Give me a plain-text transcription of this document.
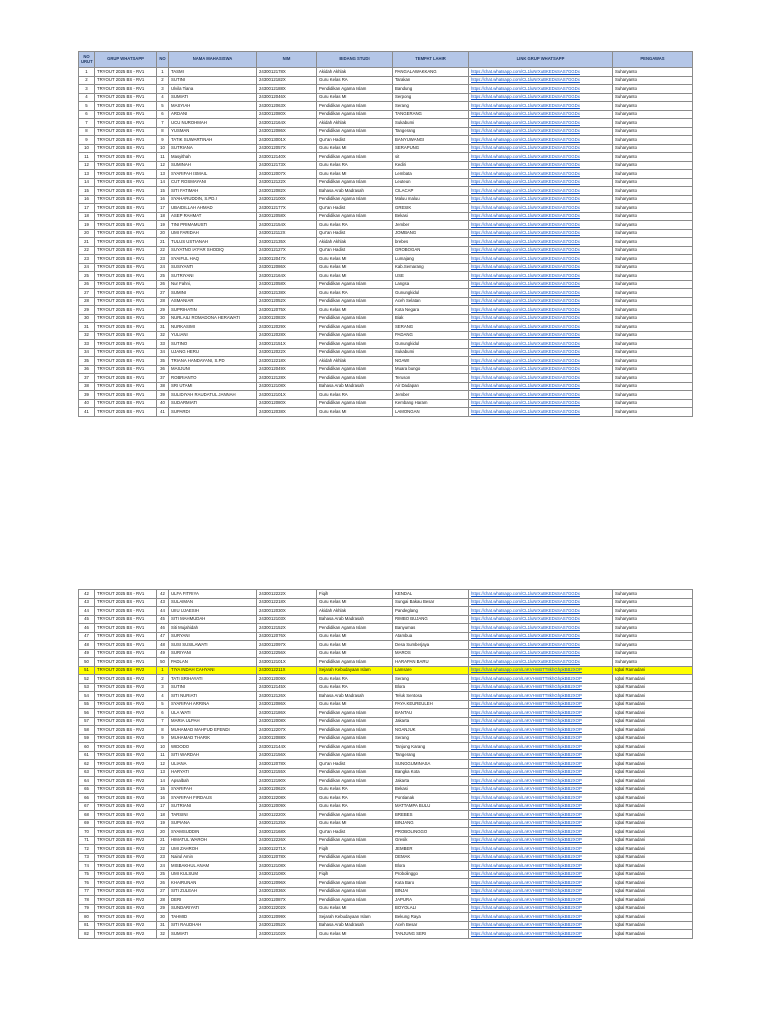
NO URUT	GRUP WHATSAPP	NO	NAMA MAHASISWA	NIM	BIDANG STUDI	TEMPAT LAHIR	LINK GRUP WHATSAPP	PENGAWAS
1	TRYOUT 2025 BS - RV1	1	TASMI	2430012178X	Akidah Akhlak	PANGALAWAKKANG	https://chat.whatsapp.com/CL1luNrXuBKEDsSAS7GGDx	Suharyanto
2	TRYOUT 2025 BS - RV1	2	SUTINI	2430012182X	Guru Kelas RA	Tarakan	https://chat.whatsapp.com/CL1luNrXuBKEDsSAS7GGDx	Suharyanto
3	TRYOUT 2025 BS - RV1	3	Ulvila Tiana	2430012188X	Pendidikan Agama Islam	Bandung	https://chat.whatsapp.com/CL1luNrXuBKEDsSAS7GGDx	Suharyanto
4	TRYOUT 2025 BS - RV1	4	SUMIATI	2430012046X	Guru Kelas MI	Serpong	https://chat.whatsapp.com/CL1luNrXuBKEDsSAS7GGDx	Suharyanto
5	TRYOUT 2025 BS - RV1	5	MASYIAH	2430012063X	Pendidikan Agama Islam	Serang	https://chat.whatsapp.com/CL1luNrXuBKEDsSAS7GGDx	Suharyanto
6	TRYOUT 2025 BS - RV1	6	ARDANI	2430012080X	Pendidikan Agama Islam	TANGERANG	https://chat.whatsapp.com/CL1luNrXuBKEDsSAS7GGDx	Suharyanto
7	TRYOUT 2025 BS - RV1	7	UCU NUROHMAH	2430012164X	Akidah Akhlak	Sukabumi	https://chat.whatsapp.com/CL1luNrXuBKEDsSAS7GGDx	Suharyanto
8	TRYOUT 2025 BS - RV1	8	YUSMAN	2430012086X	Pendidikan Agama Islam	Tangerang	https://chat.whatsapp.com/CL1luNrXuBKEDsSAS7GGDx	Suharyanto
9	TRYOUT 2025 BS - RV1	9	TATIK SUWARTINAH	2430013001X	Qur'an Hadist	BANYUWANGI	https://chat.whatsapp.com/CL1luNrXuBKEDsSAS7GGDx	Suharyanto
10	TRYOUT 2025 BS - RV1	10	SUTRIANA	2430012057X	Guru Kelas MI	SERAPUNG	https://chat.whatsapp.com/CL1luNrXuBKEDsSAS7GGDx	Suharyanto
11	TRYOUT 2025 BS - RV1	11	Masyithah	2430012140X	Pendidikan Agama Islam	sit	https://chat.whatsapp.com/CL1luNrXuBKEDsSAS7GGDx	Suharyanto
12	TRYOUT 2025 BS - RV1	12	SUMINAH	2430012173X	Guru Kelas RA	Kediri	https://chat.whatsapp.com/CL1luNrXuBKEDsSAS7GGDx	Suharyanto
13	TRYOUT 2025 BS - RV1	13	SYARIFAH ISMAIL	2430012007X	Guru Kelas MI	Lembata	https://chat.whatsapp.com/CL1luNrXuBKEDsSAS7GGDx	Suharyanto
14	TRYOUT 2025 BS - RV1	14	CUT ROSMAYANI	2430012122X	Pendidikan Agama Islam	Leuteun	https://chat.whatsapp.com/CL1luNrXuBKEDsSAS7GGDx	Suharyanto
15	TRYOUT 2025 BS - RV1	15	SITI FATIMAH	2430012082X	Bahasa Arab Madrasah	CILACAP	https://chat.whatsapp.com/CL1luNrXuBKEDsSAS7GGDx	Suharyanto
16	TRYOUT 2025 BS - RV1	16	SYAHARUDDIN, S.PD.I	2430012100X	Pendidikan Agama Islam	Maluu maluu	https://chat.whatsapp.com/CL1luNrXuBKEDsSAS7GGDx	Suharyanto
17	TRYOUT 2025 BS - RV1	17	UBAIDILLAH AHMAD	2430012177X	Qur'an Hadist	GRESIK	https://chat.whatsapp.com/CL1luNrXuBKEDsSAS7GGDx	Suharyanto
18	TRYOUT 2025 BS - RV1	18	ASEP RAHMAT	2430012058X	Pendidikan Agama Islam	Bekasi	https://chat.whatsapp.com/CL1luNrXuBKEDsSAS7GGDx	Suharyanto
19	TRYOUT 2025 BS - RV1	19	TINI PRIMAMUSTI	2430012154X	Guru Kelas RA	Jember	https://chat.whatsapp.com/CL1luNrXuBKEDsSAS7GGDx	Suharyanto
20	TRYOUT 2025 BS - RV1	20	UMI FARIDAH	2430012112X	Qur'an Hadist	JOMBANG	https://chat.whatsapp.com/CL1luNrXuBKEDsSAS7GGDx	Suharyanto
21	TRYOUT 2025 BS - RV1	21	TULUS USTIANAH	2430012135X	Akidah Akhlak	brebes	https://chat.whatsapp.com/CL1luNrXuBKEDsSAS7GGDx	Suharyanto
22	TRYOUT 2025 BS - RV1	22	SUYATNO IA'FAR SHODIQ	2430012127X	Qur'an Hadist	GROBOGAN	https://chat.whatsapp.com/CL1luNrXuBKEDsSAS7GGDx	Suharyanto
23	TRYOUT 2025 BS - RV1	23	SYAIFUL HAQ	2430012047X	Guru Kelas MI	Lumajang	https://chat.whatsapp.com/CL1luNrXuBKEDsSAS7GGDx	Suharyanto
24	TRYOUT 2025 BS - RV1	24	SUSIYANTI	2430012086X	Guru Kelas MI	Kab.Semarang	https://chat.whatsapp.com/CL1luNrXuBKEDsSAS7GGDx	Suharyanto
25	TRYOUT 2025 BS - RV1	25	SUTRIYANI	2430012164X	Guru Kelas MI	USE	https://chat.whatsapp.com/CL1luNrXuBKEDsSAS7GGDx	Suharyanto
26	TRYOUT 2025 BS - RV1	26	Nur Fahni,	2430012058X	Pendidikan Agama Islam	Langsa	https://chat.whatsapp.com/CL1luNrXuBKEDsSAS7GGDx	Suharyanto
27	TRYOUT 2025 BS - RV1	27	SUMINI	2430012138X	Guru Kelas RA	Gunungkidul	https://chat.whatsapp.com/CL1luNrXuBKEDsSAS7GGDx	Suharyanto
28	TRYOUT 2025 BS - RV1	28	ASMANIAR	2430012052X	Pendidikan Agama Islam	Aceh Selatan	https://chat.whatsapp.com/CL1luNrXuBKEDsSAS7GGDx	Suharyanto
29	TRYOUT 2025 BS - RV1	29	SUPRIHATIN	2430012075X	Guru Kelas MI	Kota Negara	https://chat.whatsapp.com/CL1luNrXuBKEDsSAS7GGDx	Suharyanto
30	TRYOUT 2025 BS - RV1	30	NURLAILI ROMADONA HERAWATI	2430012083X	Pendidikan Agama Islam	Biak	https://chat.whatsapp.com/CL1luNrXuBKEDsSAS7GGDx	Suharyanto
31	TRYOUT 2025 BS - RV1	31	NURKASIMI	2430012029X	Pendidikan Agama Islam	SERANG	https://chat.whatsapp.com/CL1luNrXuBKEDsSAS7GGDx	Suharyanto
32	TRYOUT 2025 BS - RV1	32	YULIANI	2430012028X	Pendidikan Agama Islam	PADANG	https://chat.whatsapp.com/CL1luNrXuBKEDsSAS7GGDx	Suharyanto
33	TRYOUT 2025 BS - RV1	33	SUTINO	2430012151X	Pendidikan Agama Islam	Gunungkidul	https://chat.whatsapp.com/CL1luNrXuBKEDsSAS7GGDx	Suharyanto
34	TRYOUT 2025 BS - RV1	34	UJANG HERU	2430012022X	Pendidikan Agama Islam	Sukabumi	https://chat.whatsapp.com/CL1luNrXuBKEDsSAS7GGDx	Suharyanto
35	TRYOUT 2025 BS - RV1	35	TRIANA HANDAYANI, S.PD	2430012218X	Akidah Akhlak	NGAWI	https://chat.whatsapp.com/CL1luNrXuBKEDsSAS7GGDx	Suharyanto
36	TRYOUT 2025 BS - RV1	36	MASJUNI	2430012049X	Pendidikan Agama Islam	Muara bungo	https://chat.whatsapp.com/CL1luNrXuBKEDsSAS7GGDx	Suharyanto
37	TRYOUT 2025 BS - RV1	37	ROBRIANTO	2430012128X	Pendidikan Agama Islam	Teruson	https://chat.whatsapp.com/CL1luNrXuBKEDsSAS7GGDx	Suharyanto
38	TRYOUT 2025 BS - RV1	38	SRI UTAMI	2430012108X	Bahasa Arab Madrasah	Air Dadapan	https://chat.whatsapp.com/CL1luNrXuBKEDsSAS7GGDx	Suharyanto
39	TRYOUT 2025 BS - RV1	39	SULIDIYAH RAUDATUL JANNAH	2430012101X	Guru Kelas RA	Jember	https://chat.whatsapp.com/CL1luNrXuBKEDsSAS7GGDx	Suharyanto
40	TRYOUT 2025 BS - RV1	40	SUDARMIATI	2430012080X	Pendidikan Agama Islam	Kembang Haram	https://chat.whatsapp.com/CL1luNrXuBKEDsSAS7GGDx	Suharyanto
41	TRYOUT 2025 BS - RV1	41	SUPARDI	2430012038X	Guru Kelas MI	LAMONGAN	https://chat.whatsapp.com/CL1luNrXuBKEDsSAS7GGDx	Suharyanto
42	TRYOUT 2025 BS - RV1	42	ULFA FITRIYA	2430012222X	Fiqih	KENDAL	https://chat.whatsapp.com/CL1luNrXuBKEDsSAS7GGDx	Suharyanto
43	TRYOUT 2025 BS - RV1	43	SULAIMAN	2430012218X	Guru Kelas MI	Sungai Bakau Besar	https://chat.whatsapp.com/CL1luNrXuBKEDsSAS7GGDx	Suharyanto
44	TRYOUT 2025 BS - RV1	44	UIIU UJAESIH	2430012030X	Akidah Akhlak	Pandeglang	https://chat.whatsapp.com/CL1luNrXuBKEDsSAS7GGDx	Suharyanto
45	TRYOUT 2025 BS - RV1	45	SITI MAHMUDAH	2430012103X	Bahasa Arab Madrasah	RIMBO BUJANG	https://chat.whatsapp.com/CL1luNrXuBKEDsSAS7GGDx	Suharyanto
46	TRYOUT 2025 BS - RV1	46	Siti Mujahidah	2430012152X	Pendidikan Agama Islam	Banyumas	https://chat.whatsapp.com/CL1luNrXuBKEDsSAS7GGDx	Suharyanto
47	TRYOUT 2025 BS - RV1	47	SURYANI	2430012076X	Guru Kelas MI	Atambua	https://chat.whatsapp.com/CL1luNrXuBKEDsSAS7GGDx	Suharyanto
48	TRYOUT 2025 BS - RV1	48	SUSI SUSILAWATI	2430012097X	Guru Kelas MI	Desa Sumberjaya	https://chat.whatsapp.com/CL1luNrXuBKEDsSAS7GGDx	Suharyanto
49	TRYOUT 2025 BS - RV1	49	SURIYANI	2430012256X	Guru Kelas MI	MAROS	https://chat.whatsapp.com/CL1luNrXuBKEDsSAS7GGDx	Suharyanto
50	TRYOUT 2025 BS - RV1	50	PADLAN	2430012101X	Pendidikan Agama Islam	HARAPAN BARU	https://chat.whatsapp.com/CL1luNrXuBKEDsSAS7GGDx	Suharyanto
51	TRYOUT 2025 BS - RV2	1	TIYA INDAH CAHYANI	2430012211X	Sejarah Kebudayaan Islam	Lamsare	https://chat.whatsapp.com/LnKVHmBTT8khGhpkBB2XOP	Iqbal Ramadani
52	TRYOUT 2025 BS - RV2	2	TATI SRIHAYATI	2430012009X	Guru Kelas RA	Serang	https://chat.whatsapp.com/LnKVHmBTT8khGhpkBB2XOP	Iqbal Ramadani
53	TRYOUT 2025 BS - RV2	3	SUTINI	2430012145X	Guru Kelas RA	Blora	https://chat.whatsapp.com/LnKVHmBTT8khGhpkBB2XOP	Iqbal Ramadani
54	TRYOUT 2025 BS - RV2	4	SITI NURIATI	2430012126X	Bahasa Arab Madrasah	Teluk Sentosa	https://chat.whatsapp.com/LnKVHmBTT8khGhpkBB2XOP	Iqbal Ramadani
55	TRYOUT 2025 BS - RV2	5	SYARIFAH ARRINA	2430012086X	Guru Kelas MI	PAYA KEUREULEH	https://chat.whatsapp.com/LnKVHmBTT8khGhpkBB2XOP	Iqbal Ramadani
56	TRYOUT 2025 BS - RV2	6	ULA WATI	2430012186X	Pendidikan Agama Islam	BANTAU	https://chat.whatsapp.com/LnKVHmBTT8khGhpkBB2XOP	Iqbal Ramadani
57	TRYOUT 2025 BS - RV2	7	MARIA ULPAH	2430012008X	Pendidikan Agama Islam	Jakarta	https://chat.whatsapp.com/LnKVHmBTT8khGhpkBB2XOP	Iqbal Ramadani
58	TRYOUT 2025 BS - RV2	8	MUHAMAD MAHFUD EFENDI	2430012207X	Pendidikan Agama Islam	NGANJUK	https://chat.whatsapp.com/LnKVHmBTT8khGhpkBB2XOP	Iqbal Ramadani
59	TRYOUT 2025 BS - RV2	9	MUHAMAD THARIK	2430012088X	Pendidikan Agama Islam	Serang	https://chat.whatsapp.com/LnKVHmBTT8khGhpkBB2XOP	Iqbal Ramadani
60	TRYOUT 2025 BS - RV2	10	WIDODO	2430012144X	Pendidikan Agama Islam	Tanjung Karang	https://chat.whatsapp.com/LnKVHmBTT8khGhpkBB2XOP	Iqbal Ramadani
61	TRYOUT 2025 BS - RV2	11	SITI WARDAH	2430012156X	Pendidikan Agama Islam	Tangerang	https://chat.whatsapp.com/LnKVHmBTT8khGhpkBB2XOP	Iqbal Ramadani
62	TRYOUT 2025 BS - RV2	12	ULIANA	2430012078X	Qur'an Hadist	SUNGGUMINASA	https://chat.whatsapp.com/LnKVHmBTT8khGhpkBB2XOP	Iqbal Ramadani
63	TRYOUT 2025 BS - RV2	13	HARYATI	2430012155X	Pendidikan Agama Islam	Bangka Kota	https://chat.whatsapp.com/LnKVHmBTT8khGhpkBB2XOP	Iqbal Ramadani
64	TRYOUT 2025 BS - RV2	14	Apsalbah	2430012190X	Pendidikan Agama Islam	Jakarta	https://chat.whatsapp.com/LnKVHmBTT8khGhpkBB2XOP	Iqbal Ramadani
65	TRYOUT 2025 BS - RV2	15	SYARIFAH	2430012062X	Guru Kelas RA	Bekasi	https://chat.whatsapp.com/LnKVHmBTT8khGhpkBB2XOP	Iqbal Ramadani
66	TRYOUT 2025 BS - RV2	16	SYARIFAH FIRDAUS	2430012208X	Guru Kelas RA	Pontianak	https://chat.whatsapp.com/LnKVHmBTT8khGhpkBB2XOP	Iqbal Ramadani
67	TRYOUT 2025 BS - RV2	17	SUTRIANI	2430012009X	Guru Kelas RA	MATTAMPA BULU	https://chat.whatsapp.com/LnKVHmBTT8khGhpkBB2XOP	Iqbal Ramadani
68	TRYOUT 2025 BS - RV2	18	TARSINI	2430012220X	Pendidikan Agama Islam	BREBES	https://chat.whatsapp.com/LnKVHmBTT8khGhpkBB2XOP	Iqbal Ramadani
69	TRYOUT 2025 BS - RV2	19	SUPIANA	2430012125X	Guru Kelas MI	BINJANG	https://chat.whatsapp.com/LnKVHmBTT8khGhpkBB2XOP	Iqbal Ramadani
70	TRYOUT 2025 BS - RV2	20	SYAMSUDDIN	2430012168X	Qur'an Hadist	PROBOLINGGO	https://chat.whatsapp.com/LnKVHmBTT8khGhpkBB2XOP	Iqbal Ramadani
71	TRYOUT 2025 BS - RV2	21	HIMATUL WAROH	2430012226X	Pendidikan Agama Islam	Gresik	https://chat.whatsapp.com/LnKVHmBTT8khGhpkBB2XOP	Iqbal Ramadani
72	TRYOUT 2025 BS - RV2	22	UMI ZAHROH	2430012271X	Fiqih	JEMBER	https://chat.whatsapp.com/LnKVHmBTT8khGhpkBB2XOP	Iqbal Ramadani
73	TRYOUT 2025 BS - RV2	23	Nairul Amin	2430012078X	Pendidikan Agama Islam	DEMAK	https://chat.whatsapp.com/LnKVHmBTT8khGhpkBB2XOP	Iqbal Ramadani
74	TRYOUT 2025 BS - RV2	24	MISBAKHUL ANAM	2430012108X	Pendidikan Agama Islam	Blora	https://chat.whatsapp.com/LnKVHmBTT8khGhpkBB2XOP	Iqbal Ramadani
75	TRYOUT 2025 BS - RV2	25	UMI KULSUM	2430012108X	Fiqih	Probolinggo	https://chat.whatsapp.com/LnKVHmBTT8khGhpkBB2XOP	Iqbal Ramadani
76	TRYOUT 2025 BS - RV2	26	KHAIRUNAN	2430012096X	Pendidikan Agama Islam	Kuta Baro	https://chat.whatsapp.com/LnKVHmBTT8khGhpkBB2XOP	Iqbal Ramadani
77	TRYOUT 2025 BS - RV2	27	SITI ZULEAH	2430012036X	Pendidikan Agama Islam	BINJAI	https://chat.whatsapp.com/LnKVHmBTT8khGhpkBB2XOP	Iqbal Ramadani
78	TRYOUT 2025 BS - RV2	28	DERI	2430012087X	Pendidikan Agama Islam	JAPURA	https://chat.whatsapp.com/LnKVHmBTT8khGhpkBB2XOP	Iqbal Ramadani
79	TRYOUT 2025 BS - RV2	29	SUNDARIYATI	2430012202X	Guru Kelas MI	BOYOLALI	https://chat.whatsapp.com/LnKVHmBTT8khGhpkBB2XOP	Iqbal Ramadani
80	TRYOUT 2025 BS - RV2	30	TAHMID	2430012099X	Sejarah Kebudayaan Islam	Bekung Raya	https://chat.whatsapp.com/LnKVHmBTT8khGhpkBB2XOP	Iqbal Ramadani
81	TRYOUT 2025 BS - RV2	31	SITI RAUDHAH	2430012052X	Bahasa Arab Madrasah	Aceh Besar	https://chat.whatsapp.com/LnKVHmBTT8khGhpkBB2XOP	Iqbal Ramadani
82	TRYOUT 2025 BS - RV2	32	SUMIATI	2430012102X	Guru Kelas MI	TANJUNG SERI	https://chat.whatsapp.com/LnKVHmBTT8khGhpkBB2XOP	Iqbal Ramadani
